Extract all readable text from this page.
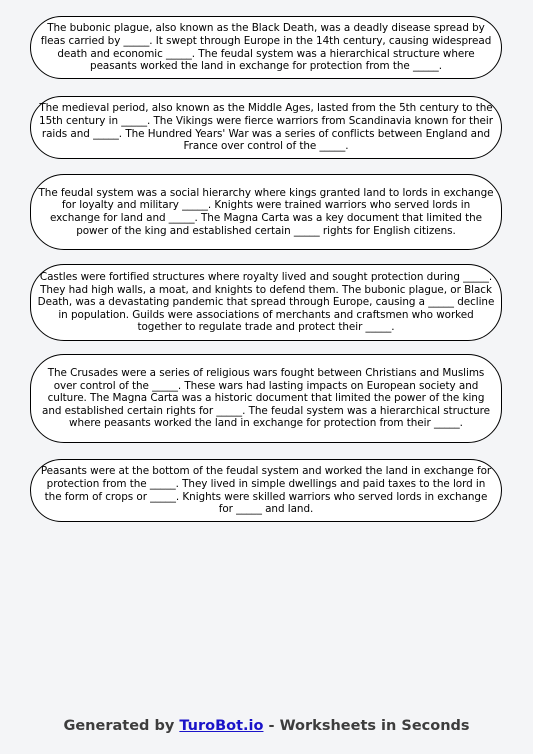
The bubonic plague, also known as the Black Death, was a deadly disease spread by fleas carried by _____. It swept through Europe in the 14th century, causing widespread death and economic _____. The feudal system was a hierarchical structure where peasants worked the land in exchange for protection from the _____.

The medieval period, also known as the Middle Ages, lasted from the 5th century to the 15th century in _____. The Vikings were fierce warriors from Scandinavia known for their raids and _____. The Hundred Years' War was a series of conflicts between England and France over control of the _____.

The feudal system was a social hierarchy where kings granted land to lords in exchange for loyalty and military _____. Knights were trained warriors who served lords in exchange for land and _____. The Magna Carta was a key document that limited the power of the king and established certain _____ rights for English citizens.

Castles were fortified structures where royalty lived and sought protection during _____. They had high walls, a moat, and knights to defend them. The bubonic plague, or Black Death, was a devastating pandemic that spread through Europe, causing a _____ decline in population. Guilds were associations of merchants and craftsmen who worked together to regulate trade and protect their _____.

The Crusades were a series of religious wars fought between Christians and Muslims over control of the _____. These wars had lasting impacts on European society and culture. The Magna Carta was a historic document that limited the power of the king and established certain rights for _____. The feudal system was a hierarchical structure where peasants worked the land in exchange for protection from their _____.

Peasants were at the bottom of the feudal system and worked the land in exchange for protection from the _____. They lived in simple dwellings and paid taxes to the lord in the form of crops or _____. Knights were skilled warriors who served lords in exchange for _____ and land.

Generated by TuroBot.io - Worksheets in Seconds
